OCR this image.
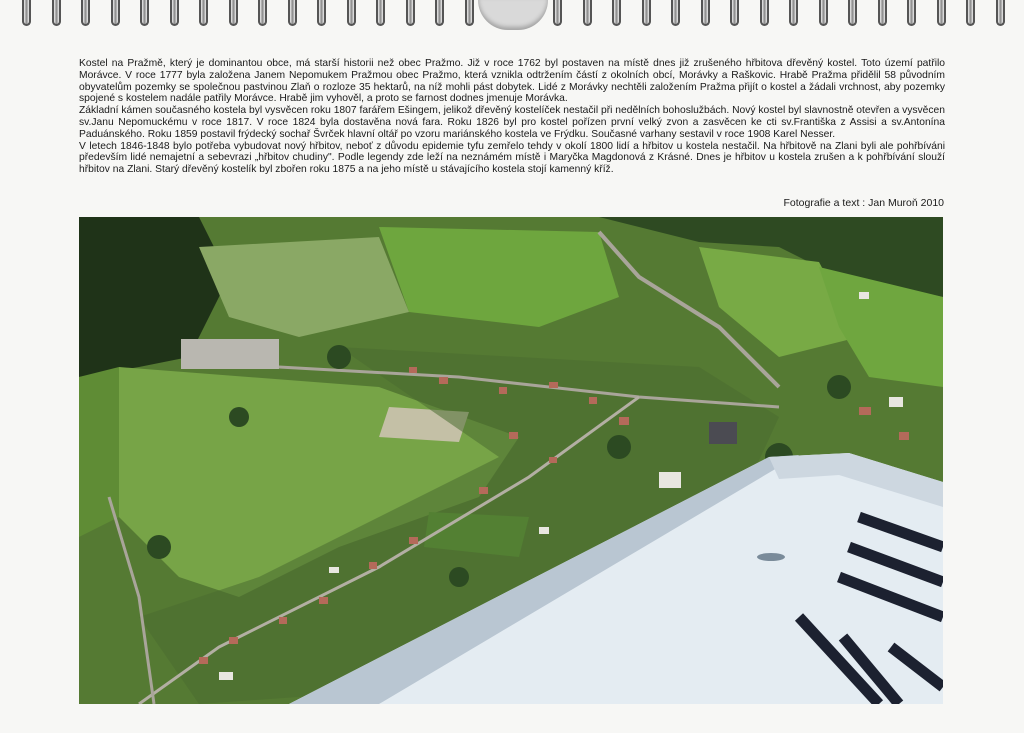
Kostel na Pražmě, který je dominantou obce, má starší historii než obec Pražmo. Již v roce 1762 byl postaven na místě dnes již zrušeného hřbitova dřevěný kostel. Toto území patřilo Morávce. V roce 1777 byla založena Janem Nepomukem Pražmou obec Pražmo, která vznikla odtržením částí z okolních obcí, Morávky a Raškovic. Hrabě Pražma přidělil 58 původním obyvatelům pozemky se společnou pastvinou Zlaň o rozloze 35 hektarů, na níž mohli pást dobytek. Lidé z Morávky nechtěli založením Pražma přijít o kostel a žádali vrchnost, aby pozemky spojené s kostelem nadále patřily Morávce. Hrabě jim vyhověl, a proto se farnost dodnes jmenuje Morávka.

Základní kámen současného kostela byl vysvěcen roku 1807 farářem Ešingem, jelikož dřevěný kostelíček nestačil při nedělních bohoslužbách. Nový kostel byl slavnostně otevřen a vysvěcen sv.Janu Nepomuckému v roce 1817. V roce 1824 byla dostavěna nová fara. Roku 1826 byl pro kostel pořízen první velký zvon a zasvěcen ke cti sv.Františka z Assisi a sv.Antonína Paduánského. Roku 1859 postavil frýdecký sochař Švrček hlavní oltář po vzoru mariánského kostela ve Frýdku. Současné varhany sestavil v roce 1908 Karel Nesser.

V letech 1846-1848 bylo potřeba vybudovat nový hřbitov, neboť z důvodu epidemie tyfu zemřelo tehdy v okolí 1800 lidí a hřbitov u kostela nestačil. Na hřbitově na Zlani byli ale pohřbíváni především lidé nemajetní a sebevrazi „hřbitov chudiny". Podle legendy zde leží na neznámém místě i Maryčka Magdonová z Krásné. Dnes je hřbitov u kostela zrušen a k pohřbívání slouží hřbitov na Zlani. Starý dřevěný kostelík byl zbořen roku 1875 a na jeho místě u stávajícího kostela stojí kamenný kříž.

Fotografie a text : Jan Muroň 2010
